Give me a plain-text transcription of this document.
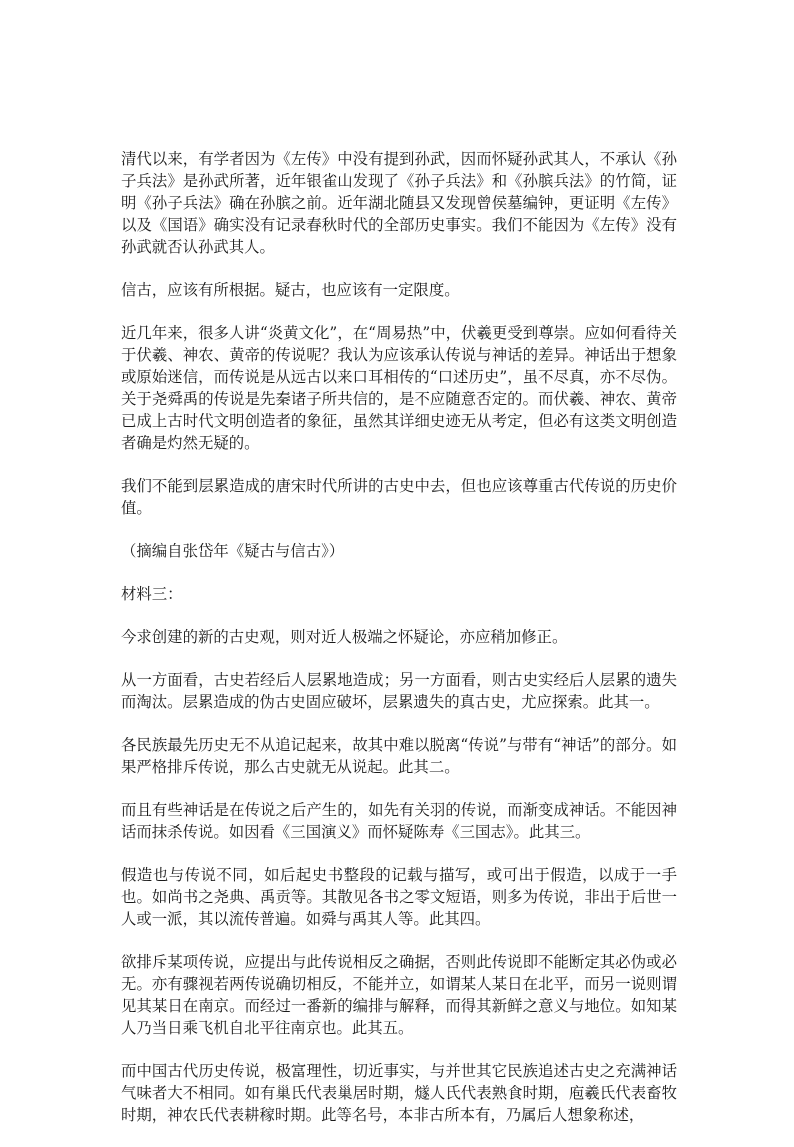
清代以来，有学者因为《左传》中没有提到孙武，因而怀疑孙武其人，不承认《孙子兵法》是孙武所著，近年银雀山发现了《孙子兵法》和《孙膑兵法》的竹简，证明《孙子兵法》确在孙膑之前。近年湖北随县又发现曾侯墓编钟，更证明《左传》以及《国语》确实没有记录春秋时代的全部历史事实。我们不能因为《左传》没有孙武就否认孙武其人。

信古，应该有所根据。疑古，也应该有一定限度。

近几年来，很多人讲“炎黄文化”，在“周易热”中，伏羲更受到尊崇。应如何看待关于伏羲、神农、黄帝的传说呢？我认为应该承认传说与神话的差异。神话出于想象或原始迷信，而传说是从远古以来口耳相传的“口述历史”，虽不尽真，亦不尽伪。关于尧舜禹的传说是先秦诸子所共信的，是不应随意否定的。而伏羲、神农、黄帝已成上古时代文明创造者的象征，虽然其详细史迹无从考定，但必有这类文明创造者确是灼然无疑的。

我们不能到层累造成的唐宋时代所讲的古史中去，但也应该尊重古代传说的历史价值。

（摘编自张岱年《疑古与信古》）

材料三：

今求创建的新的古史观，则对近人极端之怀疑论，亦应稍加修正。

从一方面看，古史若经后人层累地造成；另一方面看，则古史实经后人层累的遗失而淘汰。层累造成的伪古史固应破坏，层累遗失的真古史，尤应探索。此其一。

各民族最先历史无不从追记起来，故其中难以脱离“传说”与带有“神话”的部分。如果严格排斥传说，那么古史就无从说起。此其二。

而且有些神话是在传说之后产生的，如先有关羽的传说，而渐变成神话。不能因神话而抹杀传说。如因看《三国演义》而怀疑陈寿《三国志》。此其三。

假造也与传说不同，如后起史书整段的记载与描写，或可出于假造，以成于一手也。如尚书之尧典、禹贡等。其散见各书之零文短语，则多为传说，非出于后世一人或一派，其以流传普遍。如舜与禹其人等。此其四。

欲排斥某项传说，应提出与此传说相反之确据，否则此传说即不能断定其必伪或必无。亦有骤视若两传说确切相反，不能并立，如谓某人某日在北平，而另一说则谓见其某日在南京。而经过一番新的编排与解释，而得其新鲜之意义与地位。如知某人乃当日乘飞机自北平往南京也。此其五。

而中国古代历史传说，极富理性，切近事实，与并世其它民族追述古史之充满神话气味者大不相同。如有巢氏代表巢居时期，燧人氏代表熟食时期，庖羲氏代表畜牧时期，神农氏代表耕稼时期。此等名号，本非古所本有，乃属后人想象称述，
